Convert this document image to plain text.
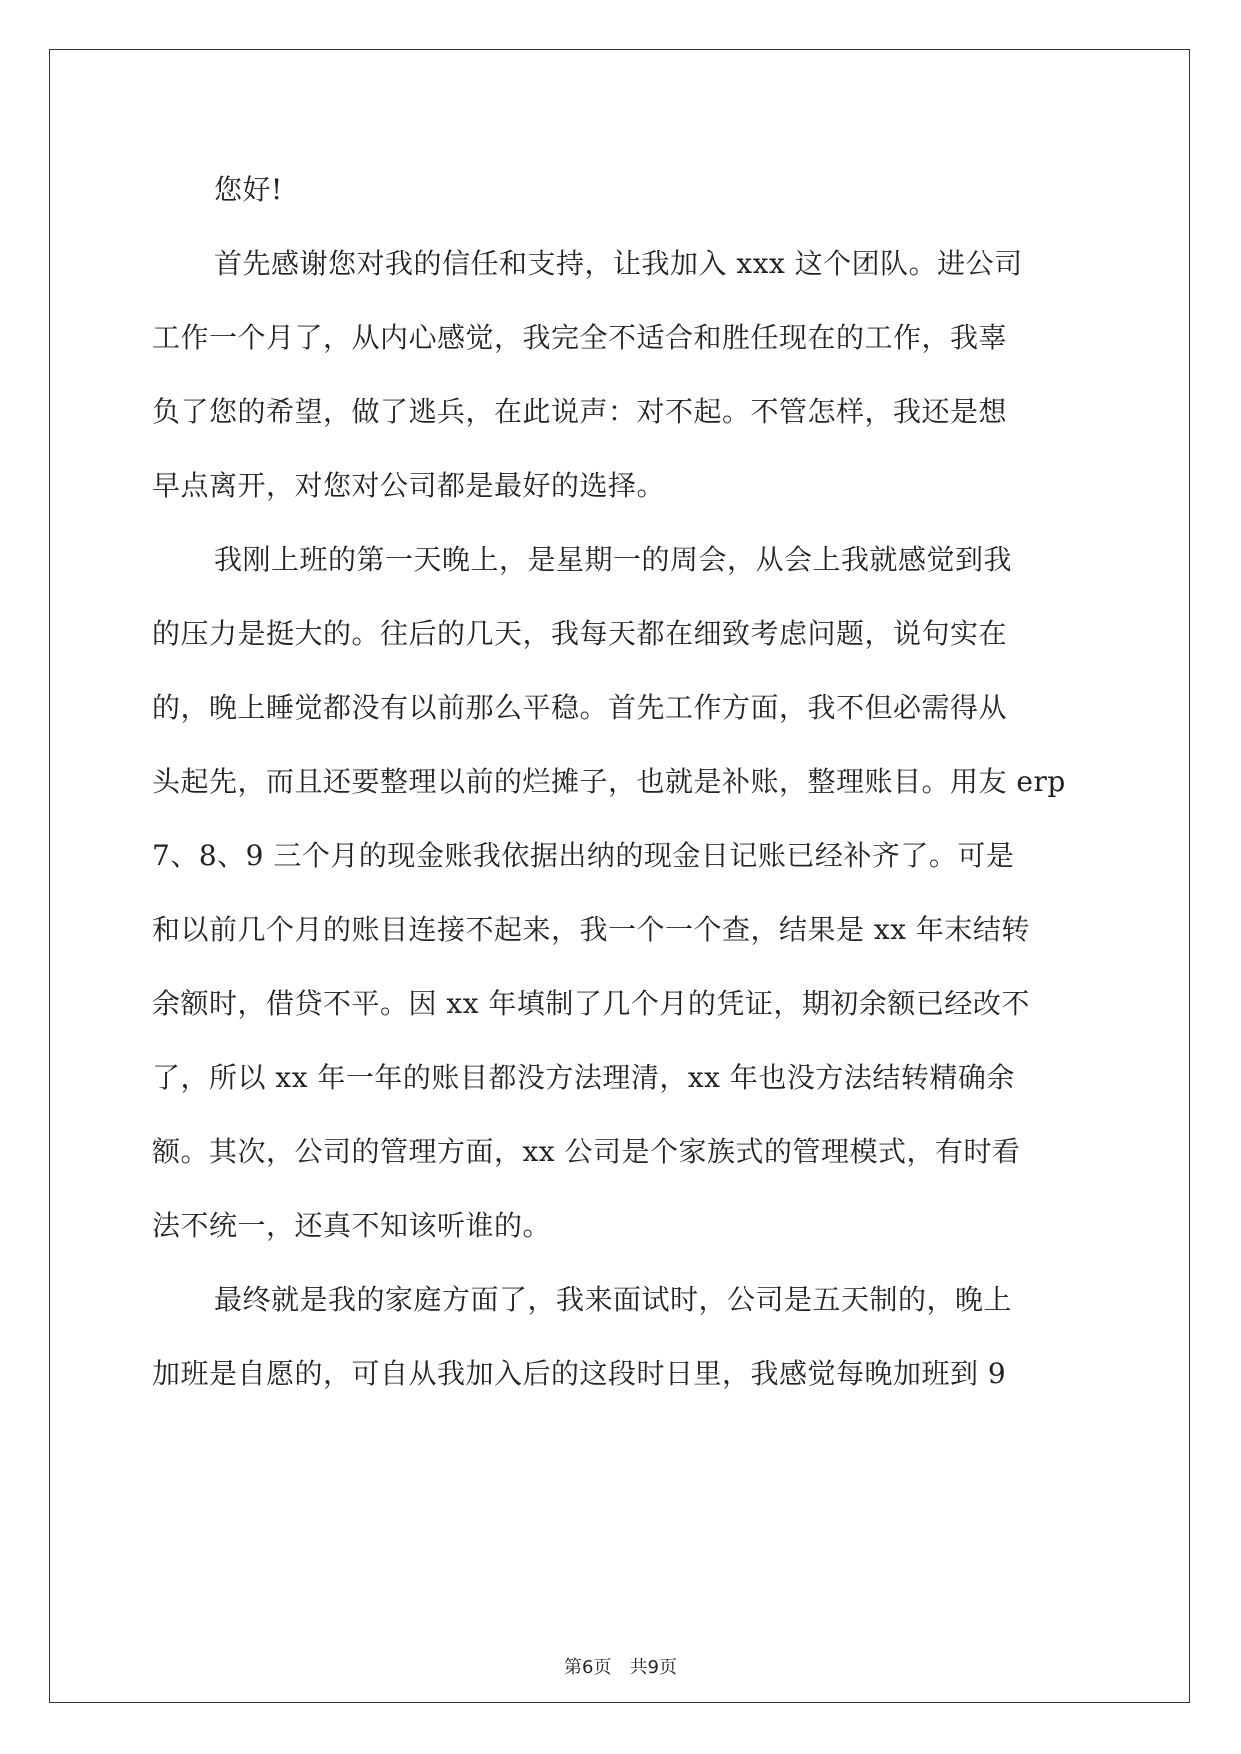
您好!
首先感谢您对我的信任和支持，让我加入 xxx 这个团队。进公司
工作一个月了，从内心感觉，我完全不适合和胜任现在的工作，我辜
负了您的希望，做了逃兵，在此说声：对不起。不管怎样，我还是想
早点离开，对您对公司都是最好的选择。
我刚上班的第一天晚上，是星期一的周会，从会上我就感觉到我
的压力是挺大的。往后的几天，我每天都在细致考虑问题，说句实在
的，晚上睡觉都没有以前那么平稳。首先工作方面，我不但必需得从
头起先，而且还要整理以前的烂摊子，也就是补账，整理账目。用友 erp
7、8、9 三个月的现金账我依据出纳的现金日记账已经补齐了。可是
和以前几个月的账目连接不起来，我一个一个查，结果是 xx 年末结转
余额时，借贷不平。因 xx 年填制了几个月的凭证，期初余额已经改不
了，所以 xx 年一年的账目都没方法理清，xx 年也没方法结转精确余
额。其次，公司的管理方面，xx 公司是个家族式的管理模式，有时看
法不统一，还真不知该听谁的。
最终就是我的家庭方面了，我来面试时，公司是五天制的，晚上
加班是自愿的，可自从我加入后的这段时日里，我感觉每晚加班到 9
第6页　共9页
